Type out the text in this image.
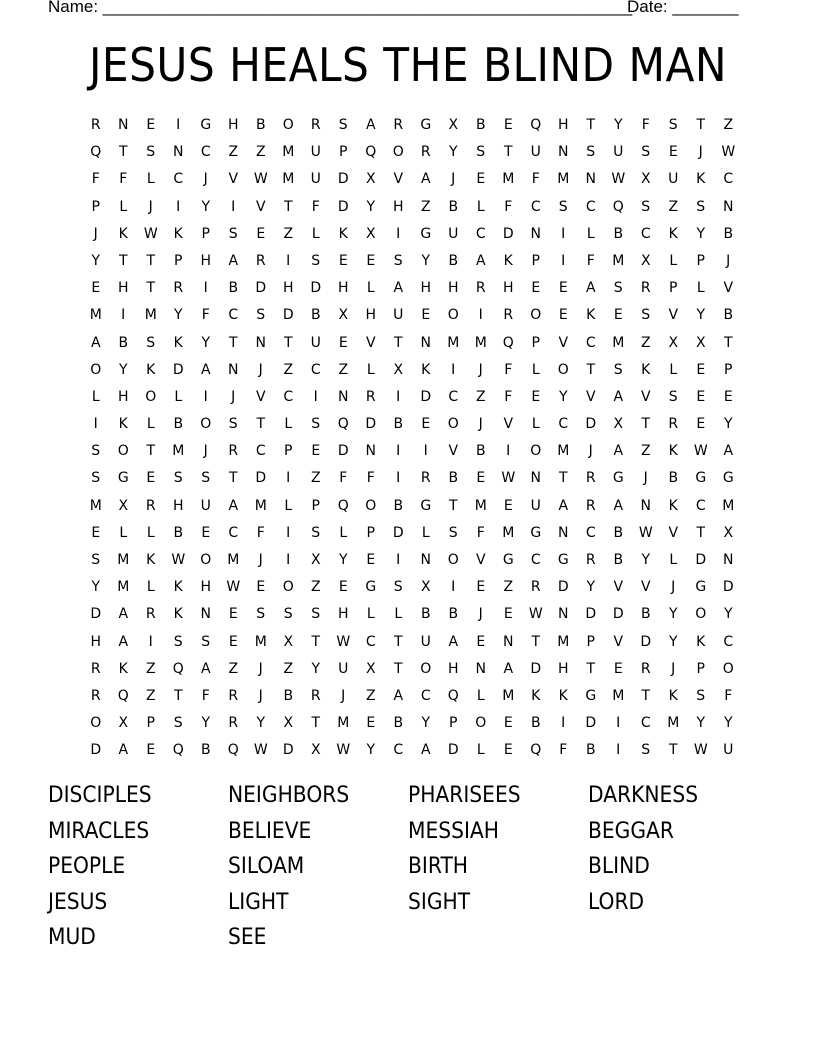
Name: ________________________________________________________
Date: _______
JESUS HEALS THE BLIND MAN
R	N	E	I	G	H	B	O	R	S	A	R	G	X	B	E	Q	H	T	Y	F	S	T	Z
Q	T	S	N	C	Z	Z	M	U	P	Q	O	R	Y	S	T	U	N	S	U	S	E	J	W
F	F	L	C	J	V	W	M	U	D	X	V	A	J	E	M	F	M	N	W	X	U	K	C
P	L	J	I	Y	I	V	T	F	D	Y	H	Z	B	L	F	C	S	C	Q	S	Z	S	N
J	K	W	K	P	S	E	Z	L	K	X	I	G	U	C	D	N	I	L	B	C	K	Y	B
Y	T	T	P	H	A	R	I	S	E	E	S	Y	B	A	K	P	I	F	M	X	L	P	J
E	H	T	R	I	B	D	H	D	H	L	A	H	H	R	H	E	E	A	S	R	P	L	V
M	I	M	Y	F	C	S	D	B	X	H	U	E	O	I	R	O	E	K	E	S	V	Y	B
A	B	S	K	Y	T	N	T	U	E	V	T	N	M	M	Q	P	V	C	M	Z	X	X	T
O	Y	K	D	A	N	J	Z	C	Z	L	X	K	I	J	F	L	O	T	S	K	L	E	P
L	H	O	L	I	J	V	C	I	N	R	I	D	C	Z	F	E	Y	V	A	V	S	E	E
I	K	L	B	O	S	T	L	S	Q	D	B	E	O	J	V	L	C	D	X	T	R	E	Y
S	O	T	M	J	R	C	P	E	D	N	I	I	V	B	I	O	M	J	A	Z	K	W	A
S	G	E	S	S	T	D	I	Z	F	F	I	R	B	E	W	N	T	R	G	J	B	G	G
M	X	R	H	U	A	M	L	P	Q	O	B	G	T	M	E	U	A	R	A	N	K	C	M
E	L	L	B	E	C	F	I	S	L	P	D	L	S	F	M	G	N	C	B	W	V	T	X
S	M	K	W	O	M	J	I	X	Y	E	I	N	O	V	G	C	G	R	B	Y	L	D	N
Y	M	L	K	H	W	E	O	Z	E	G	S	X	I	E	Z	R	D	Y	V	V	J	G	D
D	A	R	K	N	E	S	S	S	H	L	L	B	B	J	E	W	N	D	D	B	Y	O	Y
H	A	I	S	S	E	M	X	T	W	C	T	U	A	E	N	T	M	P	V	D	Y	K	C
R	K	Z	Q	A	Z	J	Z	Y	U	X	T	O	H	N	A	D	H	T	E	R	J	P	O
R	Q	Z	T	F	R	J	B	R	J	Z	A	C	Q	L	M	K	K	G	M	T	K	S	F
O	X	P	S	Y	R	Y	X	T	M	E	B	Y	P	O	E	B	I	D	I	C	M	Y	Y
D	A	E	Q	B	Q	W	D	X	W	Y	C	A	D	L	E	Q	F	B	I	S	T	W	U
DISCIPLES	NEIGHBORS	PHARISEES	DARKNESS
MIRACLES	BELIEVE	MESSIAH	BEGGAR
PEOPLE	SILOAM	BIRTH	BLIND
JESUS	LIGHT	SIGHT	LORD
MUD	SEE
